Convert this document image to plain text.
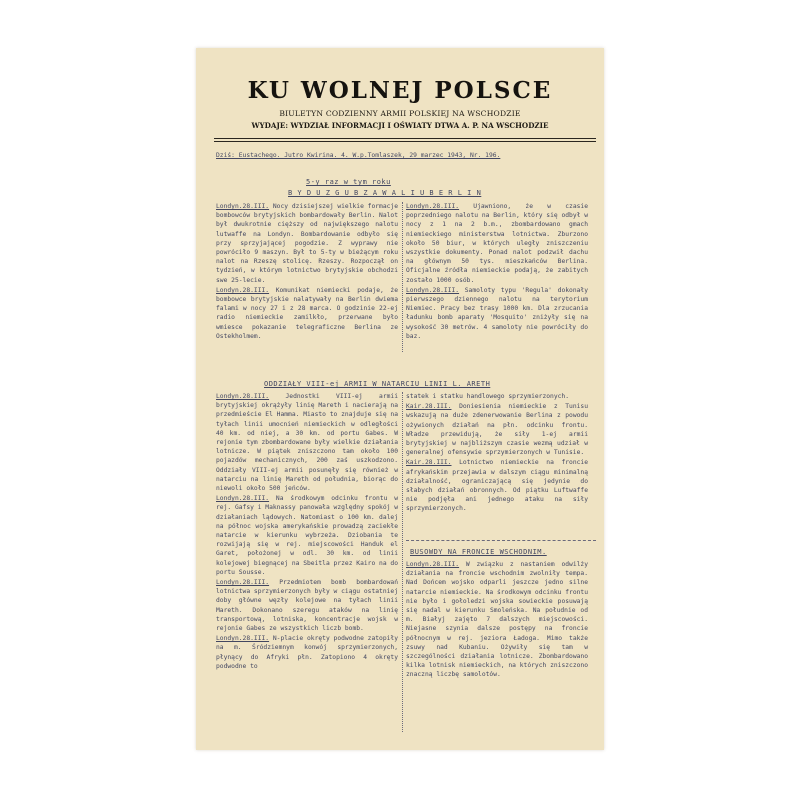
KU WOLNEJ POLSCE
BIULETYN CODZIENNY ARMII POLSKIEJ NA WSCHODZIE
WYDAJE: WYDZIAŁ INFORMACJI I OŚWIATY DTWA A. P. NA WSCHODZIE
Dziś: Eustachego. Jutro Kwirina. 4. W.p.Tomlaszek, 29 marzec 1943, Nr. 196.
5-y raz w tym roku
B Y D U Z G U B Z A W A L I U B E R L I N

Londyn.28.III. Nocy dzisiejszej wielkie formacje bombowców brytyjskich bombardowały Berlin. Nalot był dwukrotnie cięższy od największego nalotu lutwaffe na Londyn. Bombardowanie odbyło się przy sprzyjającej pogodzie. Z wyprawy nie powróciło 9 maszyn. Był to 5-ty w bieżącym roku nalot na Rzeszę stolicę. Rzeszy. Rozpoczął on tydzień, w którym lotnictwo brytyjskie obchodzi swe 25-lecie.

Londyn.28.III. Komunikat niemiecki podaje, że bombowce brytyjskie nalatywały na Berlin dwiema falami w nocy 27 i z 28 marca. O godzinie 22-ej radio niemieckie zamilkło, przerwane było wmiesce pokazanie telegraficzne Berlina ze Ostekholmem.

Londyn.28.III. Ujawniono, że w czasie poprzedniego nalotu na Berlin, który się odbył w nocy z 1 na 2 b.m., zbombardowano gmach niemieckiego ministerstwa lotnictwa. Zburzono około 50 biur, w których uległy zniszczeniu wszystkie dokumenty. Ponad nalot podzwił dachu na głównym 50 tys. mieszkańców Berlina. Oficjalne źródła niemieckie podają, że zabitych zostało 1000 osób.

Londyn.28.III. Samoloty typu 'Regula' dokonały pierwszego dziennego nalotu na terytorium Niemiec. Pracy bez trasy 1000 km. Dla zrzucania ładunku bomb aparaty 'Mosquito' zniżyły się na wysokość 30 metrów. 4 samoloty nie powróciły do baz.

ODDZIAŁY VIII-ej ARMII W NATARCIU LINII L. ARETH

Londyn.28.III. Jednostki VIII-ej armii brytyjskiej okrążyły linię Mareth i nacierają na przedmieście El Hamma. Miasto to znajduje się na tyłach linii umocnień niemieckich w odległości 40 km. od niej, a 30 km. od portu Gabes. W rejonie tym zbombardowane były wielkie działania lotnicze. W piątek zniszczono tam około 100 pojazdów mechanicznych, 200 zaś uszkodzono. Oddziały VIII-ej armii posunęły się również w natarciu na linię Mareth od południa, biorąc do niewoli około 500 jeńców.

Londyn.28.III. Na środkowym odcinku frontu w rej. Gafsy i Maknassy panowała względny spokój w działaniach lądowych. Natomiast o 100 km. dalej na północ wojska amerykańskie prowadzą zaciekłe natarcie w kierunku wybrzeża. Dziobania te rozwijają się w rej. miejscowości Handuk el Garet, położonej w odl. 30 km. od linii kolejowej biegnącej na Sbeitla przez Kairo na do portu Sousse.

Londyn.28.III. Przedmiotem bomb bombardowań lotnictwa sprzymierzonych były w ciągu ostatniej doby główne węzły kolejowe na tyłach linii Mareth. Dokonano szeregu ataków na linię transportową, lotniska, koncentracje wojsk w rejonie Gabes ze wszystkich liczb bomb.

Londyn.28.III. N-placie okręty podwodne zatopiły na m. Śródziemnym konwój sprzymierzonych, płynący do Afryki płn. Zatopiono 4 okręty podwodne to

statek i statku handlowego sprzymierzonych.

Kair.28.III. Doniesienia niemieckie z Tunisu wskazują na duże zdenerwowanie Berlina z powodu ożywionych działań na płn. odcinku frontu. Władze przewidują, że siły 1-ej armii brytyjskiej w najbliższym czasie wezmą udział w generalnej ofensywie sprzymierzonych w Tunisie.

Kair.28.III. Lotnictwo niemieckie na froncie afrykańskim przejawia w dalszym ciągu minimalną działalność, ograniczającą się jedynie do słabych działań obronnych. Od piątku Luftwaffe nie podjęła ani jednego ataku na siły sprzymierzonych.

BUSOWDY NA FRONCIE WSCHODNIM.

Londyn.28.III. W związku z nastaniem odwilży działania na froncie wschodnim zwolniły tempa. Nad Dońcem wojsko odparli jeszcze jedno silne natarcie niemieckie. Na środkowym odcinku frontu nie było i gołoledzi wojska sowieckie posuwają się nadal w kierunku Smoleńska. Na południe od m. Białyj zajęto 7 dalszych miejscowości. Niejasne szynia dalsze postępy na froncie północnym w rej. jeziora Ładoga. Mimo także zsuwy nad Kubaniu. Ożywiły się tam w szczególności działania lotnicze. Zbombardowano kilka lotnisk niemieckich, na których zniszczono znaczną liczbę samolotów.
